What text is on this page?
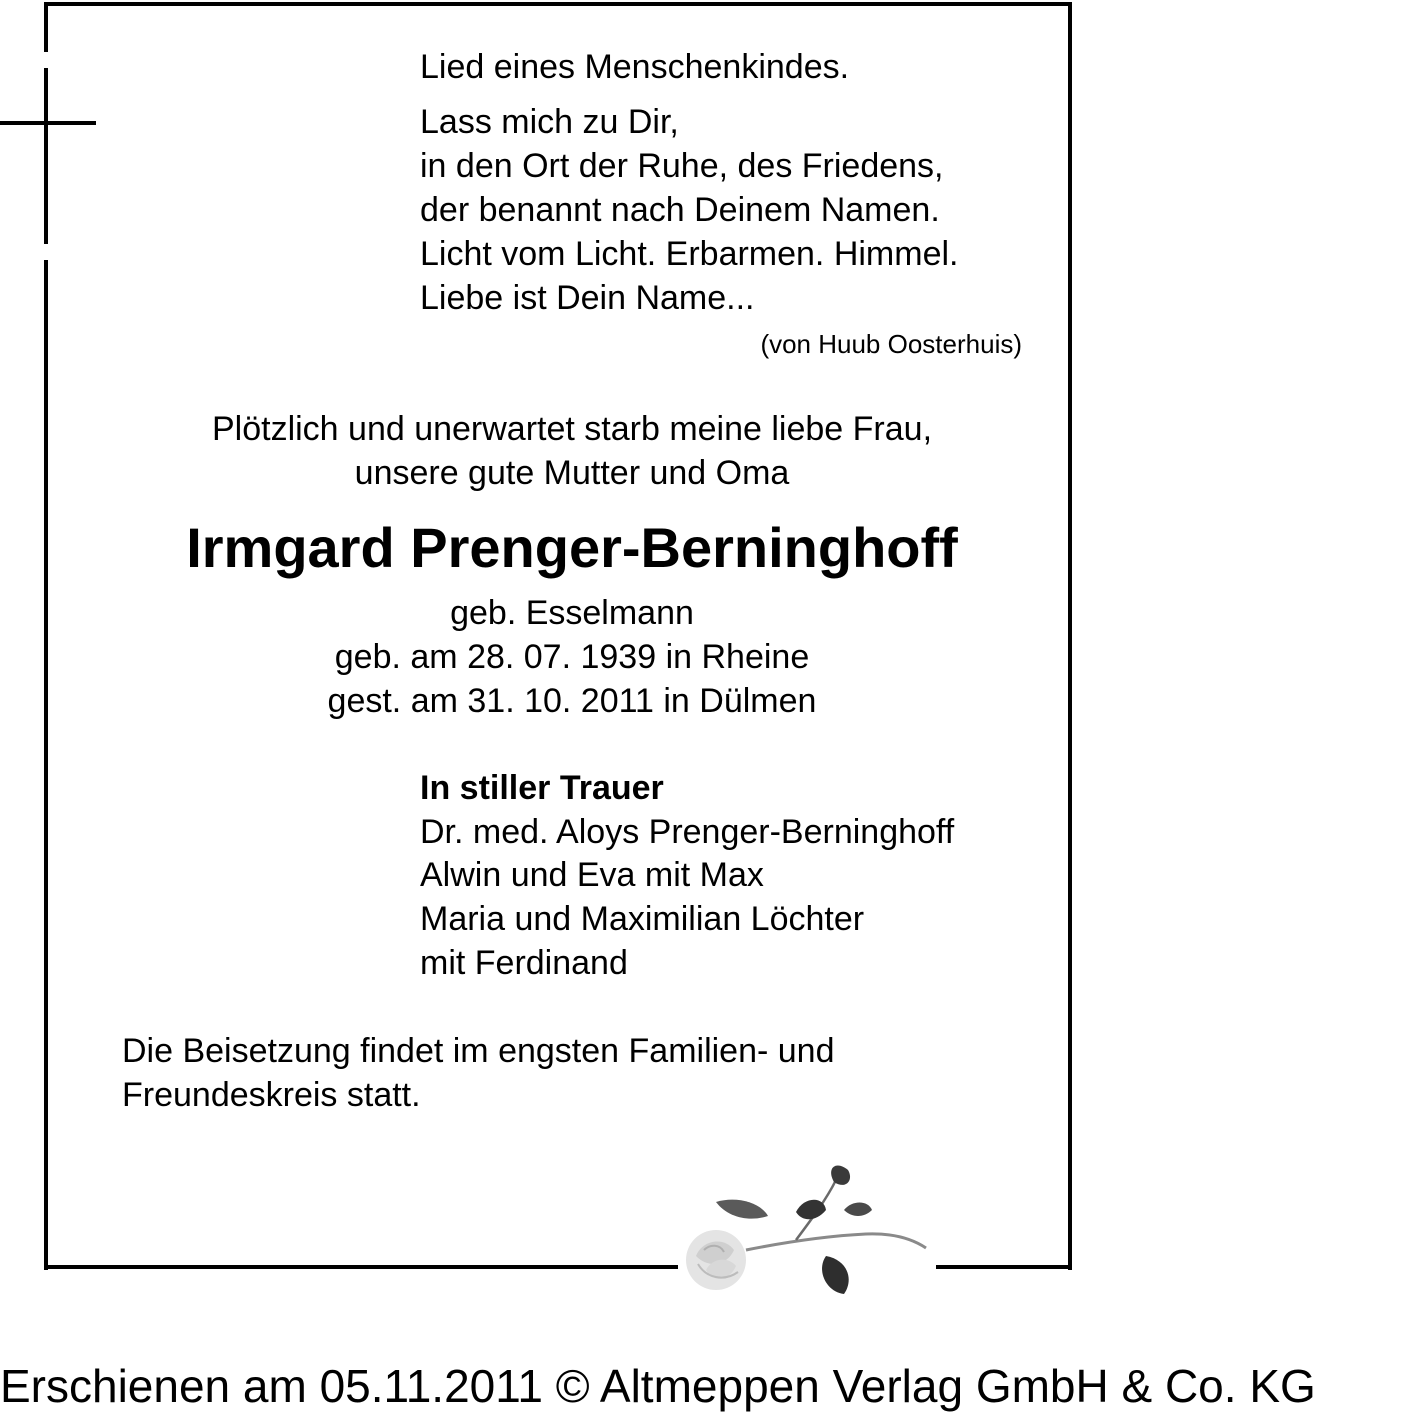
Lied eines Menschenkindes.
Lass mich zu Dir,
in den Ort der Ruhe, des Friedens,
der benannt nach Deinem Namen.
Licht vom Licht. Erbarmen. Himmel.
Liebe ist Dein Name...
(von Huub Oosterhuis)
Plötzlich und unerwartet starb meine liebe Frau,
unsere gute Mutter und Oma
Irmgard Prenger-Berninghoff
geb. Esselmann
geb. am 28. 07. 1939 in Rheine
gest. am 31. 10. 2011 in Dülmen
In stiller Trauer
Dr. med. Aloys Prenger-Berninghoff
Alwin und Eva mit Max
Maria und Maximilian Löchter
mit Ferdinand
Die Beisetzung findet im engsten Familien- und
Freundeskreis statt.
Erschienen am 05.11.2011 © Altmeppen Verlag GmbH & Co. KG
